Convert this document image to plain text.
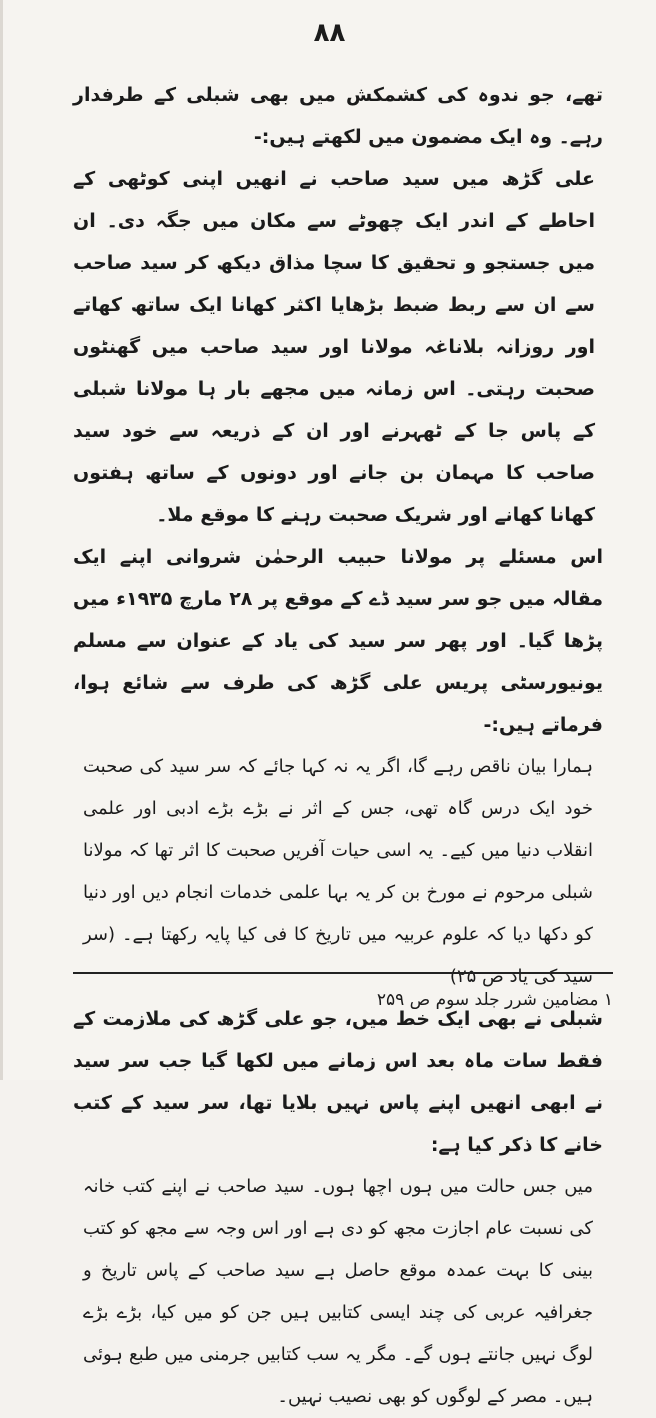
۸۸

تھے، جو ندوہ کی کشمکش میں بھی شبلی کے طرفدار رہے۔ وہ ایک مضمون میں لکھتے ہیں:-

علی گڑھ میں سید صاحب نے انھیں اپنی کوٹھی کے احاطے کے اندر ایک چھوٹے سے مکان میں جگہ دی۔ ان میں جستجو و تحقیق کا سچا مذاق دیکھ کر سید صاحب سے ان سے ربط ضبط بڑھایا اکثر کھانا ایک ساتھ کھاتے اور روزانہ بلاناغہ مولانا اور سید صاحب میں گھنٹوں صحبت رہتی۔ اس زمانہ میں مجھے بار ہا مولانا شبلی کے پاس جا کے ٹھہرنے اور ان کے ذریعہ سے خود سید صاحب کا مہمان بن جانے اور دونوں کے ساتھ ہفتوں کھانا کھانے اور شریک صحبت رہنے کا موقع ملا۔

اس مسئلے پر مولانا حبیب الرحمٰن شروانی اپنے ایک مقالہ میں جو سر سید ڈے کے موقع پر ۲۸ مارچ ۱۹۳۵ء میں پڑھا گیا۔ اور پھر سر سید کی یاد کے عنوان سے مسلم یونیورسٹی پریس علی گڑھ کی طرف سے شائع ہوا، فرماتے ہیں:-

ہمارا بیان ناقص رہے گا، اگر یہ نہ کہا جائے کہ سر سید کی صحبت خود ایک درس گاہ تھی، جس کے اثر نے بڑے بڑے ادبی اور علمی انقلاب دنیا میں کیے۔ یہ اسی حیات آفریں صحبت کا اثر تھا کہ مولانا شبلی مرحوم نے مورخ بن کر یہ بہا علمی خدمات انجام دیں اور دنیا کو دکھا دیا کہ علوم عربیہ میں تاریخ کا فی کیا پایہ رکھتا ہے۔ (سر سید کی یاد ص ۲۵)

شبلی نے بھی ایک خط میں، جو علی گڑھ کی ملازمت کے فقط سات ماہ بعد اس زمانے میں لکھا گیا جب سر سید نے ابھی انھیں اپنے پاس نہیں بلایا تھا، سر سید کے کتب خانے کا ذکر کیا ہے:

میں جس حالت میں ہوں اچھا ہوں۔ سید صاحب نے اپنے کتب خانہ کی نسبت عام اجازت مجھ کو دی ہے اور اس وجہ سے مجھ کو کتب بینی کا بہت عمدہ موقع حاصل ہے سید صاحب کے پاس تاریخ و جغرافیہ عربی کی چند ایسی کتابیں ہیں جن کو میں کیا، بڑے بڑے لوگ نہیں جانتے ہوں گے۔ مگر یہ سب کتابیں جرمنی میں طبع ہوئی ہیں۔ مصر کے لوگوں کو بھی نصیب نہیں۔

۱ مضامین شرر جلد سوم ص ۲۵۹
